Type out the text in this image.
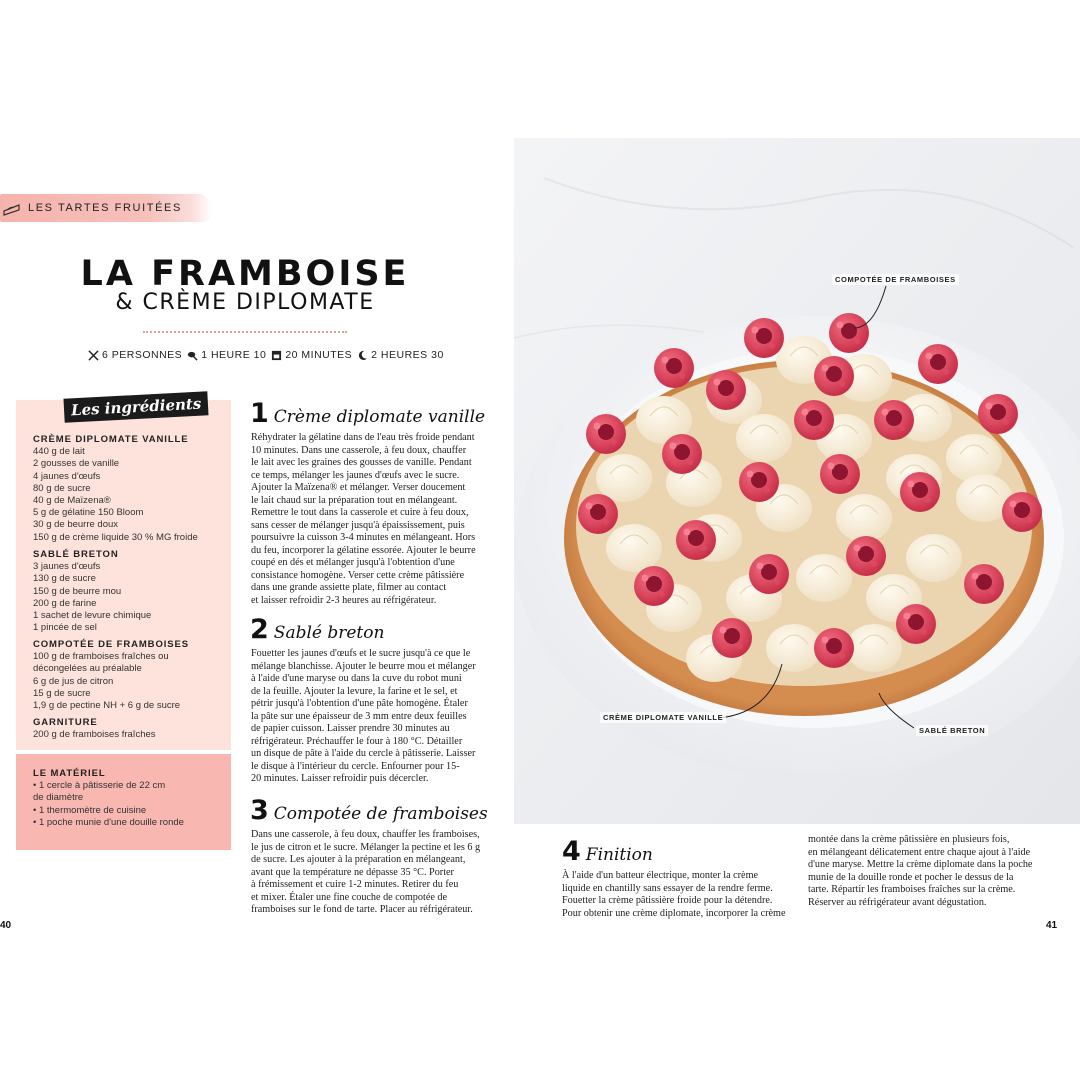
LES TARTES FRUITÉES
LA FRAMBOISE
& CRÈME DIPLOMATE
6 PERSONNES 1 HEURE 10 20 MINUTES 2 HEURES 30
Les ingrédients
CRÈME DIPLOMATE VANILLE
440 g de lait
2 gousses de vanille
4 jaunes d'œufs
80 g de sucre
40 g de Maïzena®
5 g de gélatine 150 Bloom
30 g de beurre doux
150 g de crème liquide 30 % MG froide
SABLÉ BRETON
3 jaunes d'œufs
130 g de sucre
150 g de beurre mou
200 g de farine
1 sachet de levure chimique
1 pincée de sel
COMPOTÉE DE FRAMBOISES
100 g de framboises fraîches ou
décongelées au préalable
6 g de jus de citron
15 g de sucre
1,9 g de pectine NH + 6 g de sucre
GARNITURE
200 g de framboises fraîches
LE MATÉRIEL
• 1 cercle à pâtisserie de 22 cm
de diamètre
• 1 thermomètre de cuisine
• 1 poche munie d'une douille ronde
1 Crème diplomate vanille
Réhydrater la gélatine dans de l'eau très froide pendant
10 minutes. Dans une casserole, à feu doux, chauffer
le lait avec les graines des gousses de vanille. Pendant
ce temps, mélanger les jaunes d'œufs avec le sucre.
Ajouter la Maïzena® et mélanger. Verser doucement
le lait chaud sur la préparation tout en mélangeant.
Remettre le tout dans la casserole et cuire à feu doux,
sans cesser de mélanger jusqu'à épaississement, puis
poursuivre la cuisson 3-4 minutes en mélangeant. Hors
du feu, incorporer la gélatine essorée. Ajouter le beurre
coupé en dés et mélanger jusqu'à l'obtention d'une
consistance homogène. Verser cette crème pâtissière
dans une grande assiette plate, filmer au contact
et laisser refroidir 2-3 heures au réfrigérateur.
2 Sablé breton
Fouetter les jaunes d'œufs et le sucre jusqu'à ce que le
mélange blanchisse. Ajouter le beurre mou et mélanger
à l'aide d'une maryse ou dans la cuve du robot muni
de la feuille. Ajouter la levure, la farine et le sel, et
pétrir jusqu'à l'obtention d'une pâte homogène. Étaler
la pâte sur une épaisseur de 3 mm entre deux feuilles
de papier cuisson. Laisser prendre 30 minutes au
réfrigérateur. Préchauffer le four à 180 °C. Détailler
un disque de pâte à l'aide du cercle à pâtisserie. Laisser
le disque à l'intérieur du cercle. Enfourner pour 15-
20 minutes. Laisser refroidir puis décercler.
3 Compotée de framboises
Dans une casserole, à feu doux, chauffer les framboises,
le jus de citron et le sucre. Mélanger la pectine et les 6 g
de sucre. Les ajouter à la préparation en mélangeant,
avant que la température ne dépasse 35 °C. Porter
à frémissement et cuire 1-2 minutes. Retirer du feu
et mixer. Étaler une fine couche de compotée de
framboises sur le fond de tarte. Placer au réfrigérateur.
40
COMPOTÉE DE FRAMBOISES
CRÈME DIPLOMATE VANILLE
SABLÉ BRETON
4 Finition
À l'aide d'un batteur électrique, monter la crème
liquide en chantilly sans essayer de la rendre ferme.
Fouetter la crème pâtissière froide pour la détendre.
Pour obtenir une crème diplomate, incorporer la crème
montée dans la crème pâtissière en plusieurs fois,
en mélangeant délicatement entre chaque ajout à l'aide
d'une maryse. Mettre la crème diplomate dans la poche
munie de la douille ronde et pocher le dessus de la
tarte. Répartir les framboises fraîches sur la crème.
Réserver au réfrigérateur avant dégustation.
41
